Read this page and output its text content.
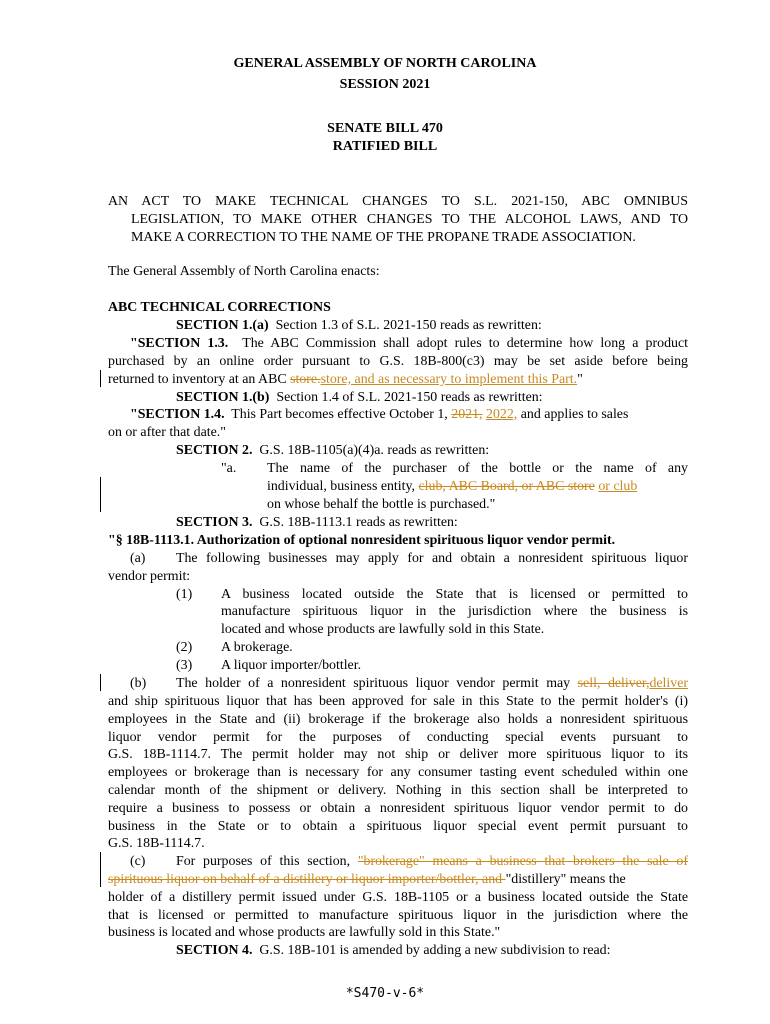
GENERAL ASSEMBLY OF NORTH CAROLINA
SESSION 2021
SENATE BILL 470
RATIFIED BILL
AN ACT TO MAKE TECHNICAL CHANGES TO S.L. 2021-150, ABC OMNIBUS
LEGISLATION, TO MAKE OTHER CHANGES TO THE ALCOHOL LAWS, AND TO
MAKE A CORRECTION TO THE NAME OF THE PROPANE TRADE ASSOCIATION.
The General Assembly of North Carolina enacts:
ABC TECHNICAL CORRECTIONS
SECTION 1.(a) Section 1.3 of S.L. 2021-150 reads as rewritten:
"SECTION 1.3. The ABC Commission shall adopt rules to determine how long a product
purchased by an online order pursuant to G.S. 18B-800(c3) may be set aside before being
returned to inventory at an ABC store.store, and as necessary to implement this Part."
SECTION 1.(b) Section 1.4 of S.L. 2021-150 reads as rewritten:
"SECTION 1.4. This Part becomes effective October 1, 2021, 2022, and applies to sales
on or after that date."
SECTION 2. G.S. 18B-1105(a)(4)a. reads as rewritten:
"a.	The name of the purchaser of the bottle or the name of any
individual, business entity, club, ABC Board, or ABC store or club
on whose behalf the bottle is purchased."
SECTION 3. G.S. 18B-1113.1 reads as rewritten:
"§ 18B-1113.1. Authorization of optional nonresident spirituous liquor vendor permit.
(a)	The following businesses may apply for and obtain a nonresident spirituous liquor
vendor permit:
(1)	A business located outside the State that is licensed or permitted to
manufacture spirituous liquor in the jurisdiction where the business is
located and whose products are lawfully sold in this State.
(2)	A brokerage.
(3)	A liquor importer/bottler.
(b)	The holder of a nonresident spirituous liquor vendor permit may sell, deliver,deliver
and ship spirituous liquor that has been approved for sale in this State to the permit holder's (i)
employees in the State and (ii) brokerage if the brokerage also holds a nonresident spirituous
liquor vendor permit for the purposes of conducting special events pursuant to
G.S. 18B-1114.7. The permit holder may not ship or deliver more spirituous liquor to its
employees or brokerage than is necessary for any consumer tasting event scheduled within one
calendar month of the shipment or delivery. Nothing in this section shall be interpreted to
require a business to possess or obtain a nonresident spirituous liquor vendor permit to do
business in the State or to obtain a spirituous liquor special event permit pursuant to
G.S. 18B-1114.7.
(c)	For purposes of this section, "brokerage" means a business that brokers the sale of
spirituous liquor on behalf of a distillery or liquor importer/bottler, and "distillery" means the
holder of a distillery permit issued under G.S. 18B-1105 or a business located outside the State
that is licensed or permitted to manufacture spirituous liquor in the jurisdiction where the
business is located and whose products are lawfully sold in this State."
SECTION 4. G.S. 18B-101 is amended by adding a new subdivision to read:
*S470-v-6*
